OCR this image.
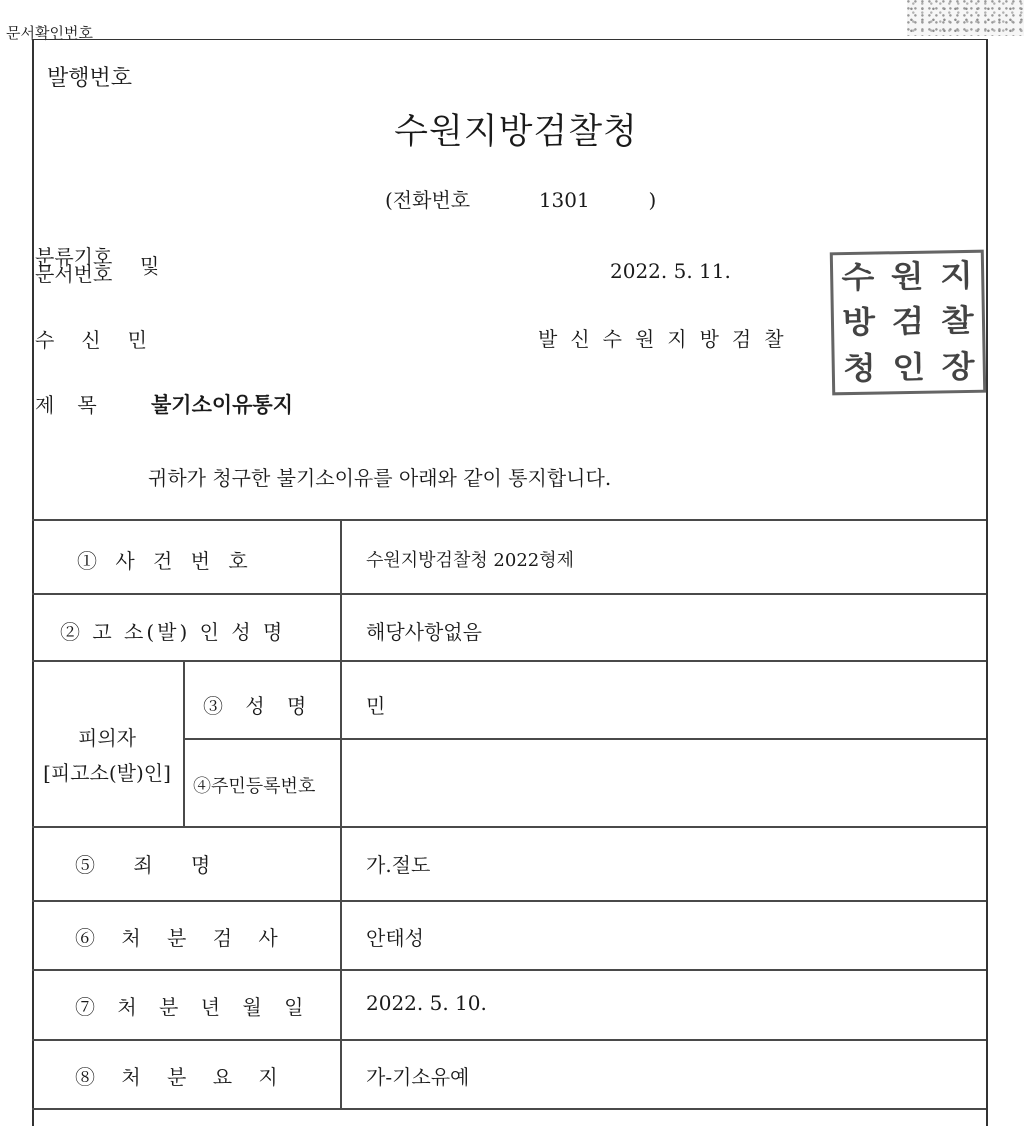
문서확인번호
발행번호
수원지방검찰청
(전화번호	1301	)
분류기호
문서번호	및	2022. 5. 11.
수신민	발신수원지방검찰
수 원 지
방 검 찰
청 인 장
제목 불기소이유통지
귀하가 청구한 불기소이유를 아래와 같이 통지합니다.
① 사 건 번 호	수원지방검찰청 2022형제
② 고 소(발) 인 성 명	해당사항없음
피의자
[피고소(발)인]
③ 성 명	민
④주민등록번호
⑤ 죄 명	가.절도
⑥ 처 분 검 사	안태성
⑦ 처 분 년 월 일	2022. 5. 10.
⑧ 처 분 요 지	가-기소유예
